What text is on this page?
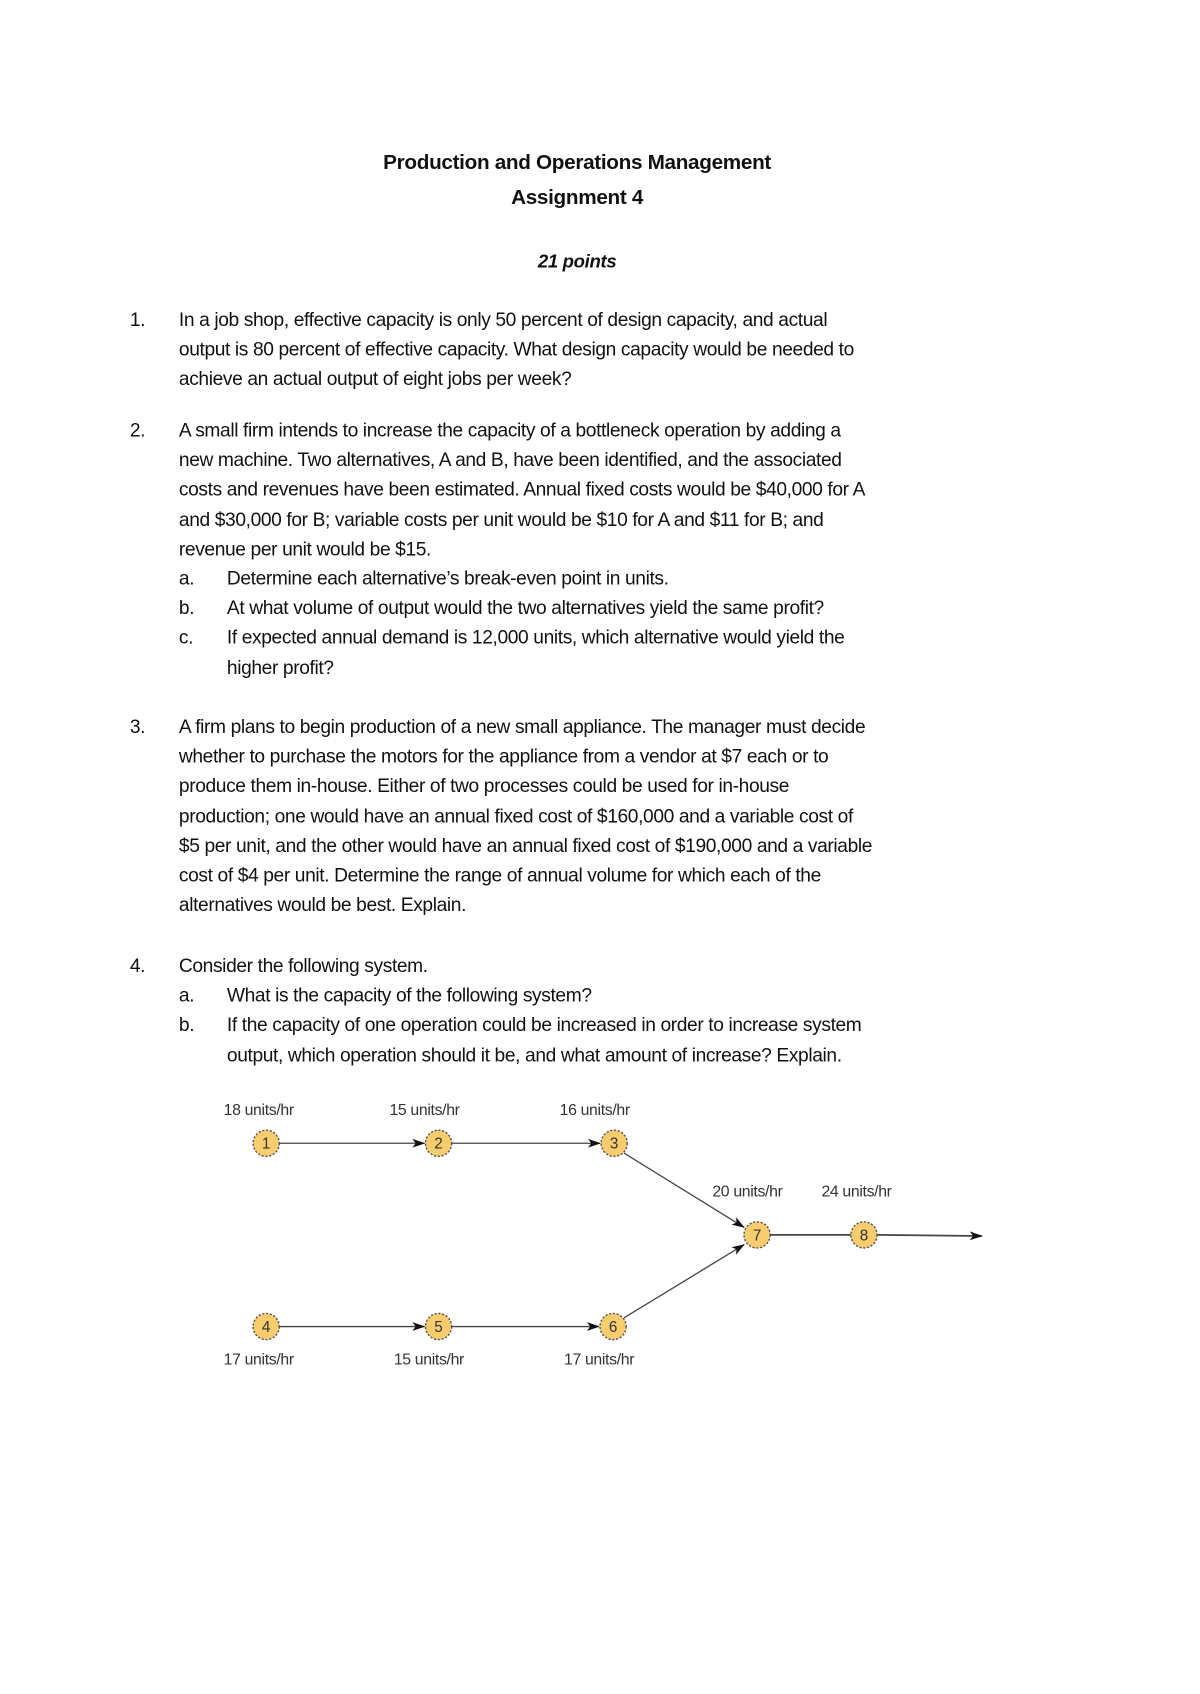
Production and Operations Management
Assignment 4
21 points
1. In a job shop, effective capacity is only 50 percent of design capacity, and actual
output is 80 percent of effective capacity. What design capacity would be needed to
achieve an actual output of eight jobs per week?
2. A small firm intends to increase the capacity of a bottleneck operation by adding a
new machine. Two alternatives, A and B, have been identified, and the associated
costs and revenues have been estimated. Annual fixed costs would be $40,000 for A
and $30,000 for B; variable costs per unit would be $10 for A and $11 for B; and
revenue per unit would be $15.
a. Determine each alternative’s break-even point in units.
b. At what volume of output would the two alternatives yield the same profit?
c. If expected annual demand is 12,000 units, which alternative would yield the
higher profit?
3. A firm plans to begin production of a new small appliance. The manager must decide
whether to purchase the motors for the appliance from a vendor at $7 each or to
produce them in-house. Either of two processes could be used for in-house
production; one would have an annual fixed cost of $160,000 and a variable cost of
$5 per unit, and the other would have an annual fixed cost of $190,000 and a variable
cost of $4 per unit. Determine the range of annual volume for which each of the
alternatives would be best. Explain.
4. Consider the following system.
a. What is the capacity of the following system?
b. If the capacity of one operation could be increased in order to increase system
output, which operation should it be, and what amount of increase? Explain.
1
18 units/hr
2
15 units/hr
3
16 units/hr
4
17 units/hr
5
15 units/hr
6
17 units/hr
7
20 units/hr
8
24 units/hr
